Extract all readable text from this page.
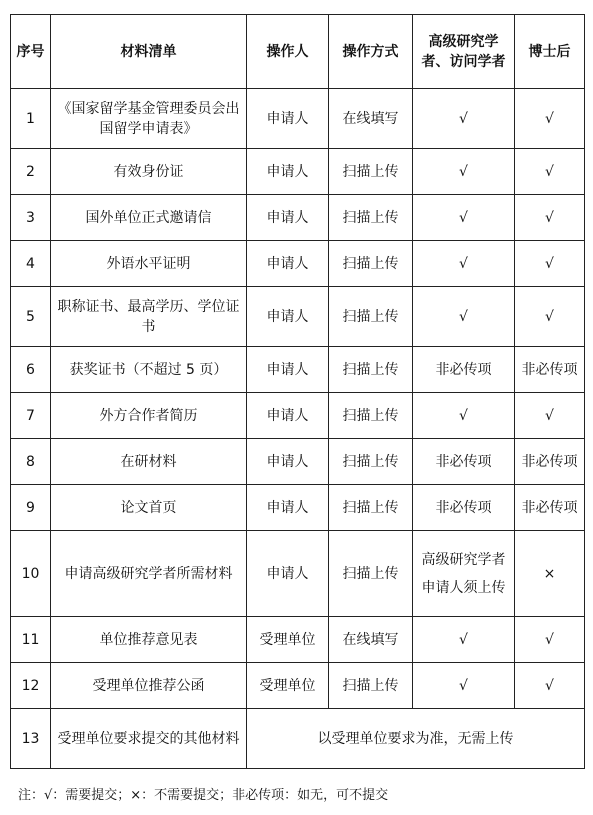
序号	材料清单	操作人	操作方式	高级研究学者、访问学者	博士后
1	《国家留学基金管理委员会出国留学申请表》	申请人	在线填写	√	√
2	有效身份证	申请人	扫描上传	√	√
3	国外单位正式邀请信	申请人	扫描上传	√	√
4	外语水平证明	申请人	扫描上传	√	√
5	职称证书、最高学历、学位证书	申请人	扫描上传	√	√
6	获奖证书（不超过 5 页）	申请人	扫描上传	非必传项	非必传项
7	外方合作者简历	申请人	扫描上传	√	√
8	在研材料	申请人	扫描上传	非必传项	非必传项
9	论文首页	申请人	扫描上传	非必传项	非必传项
10	申请高级研究学者所需材料	申请人	扫描上传	高级研究学者申请人须上传	×
11	单位推荐意见表	受理单位	在线填写	√	√
12	受理单位推荐公函	受理单位	扫描上传	√	√
13	受理单位要求提交的其他材料	以受理单位要求为准，无需上传			
注：√：需要提交；×：不需要提交；非必传项：如无，可不提交
